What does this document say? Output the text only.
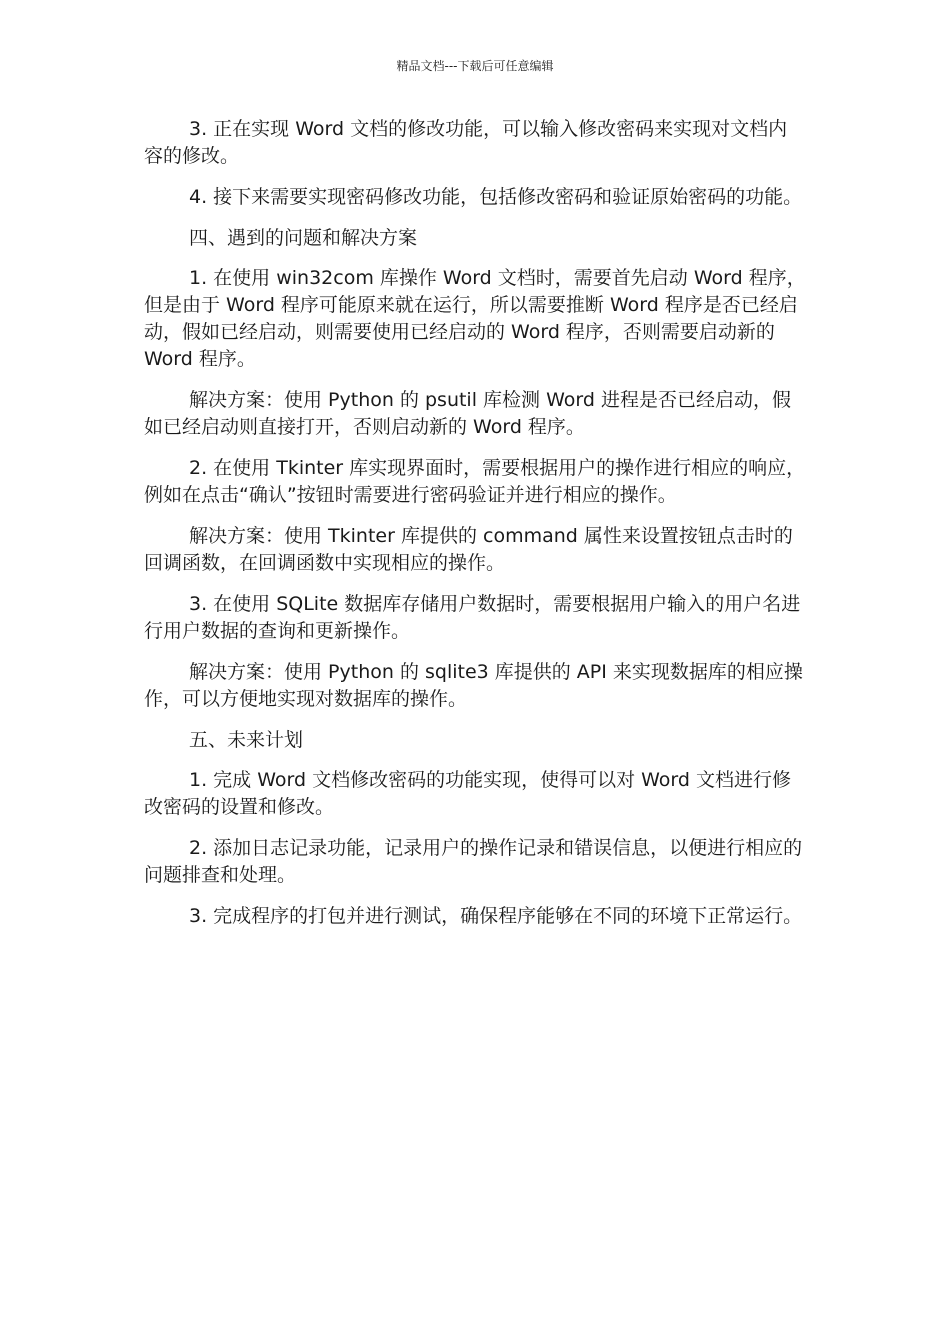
精品文档---下载后可任意编辑

3. 正在实现 Word 文档的修改功能，可以输入修改密码来实现对文档内容的修改。

4. 接下来需要实现密码修改功能，包括修改密码和验证原始密码的功能。

四、遇到的问题和解决方案

1. 在使用 win32com 库操作 Word 文档时，需要首先启动 Word 程序，但是由于 Word 程序可能原来就在运行，所以需要推断 Word 程序是否已经启动，假如已经启动，则需要使用已经启动的 Word 程序，否则需要启动新的 Word 程序。

解决方案：使用 Python 的 psutil 库检测 Word 进程是否已经启动，假如已经启动则直接打开，否则启动新的 Word 程序。

2. 在使用 Tkinter 库实现界面时，需要根据用户的操作进行相应的响应，例如在点击“确认”按钮时需要进行密码验证并进行相应的操作。

解决方案：使用 Tkinter 库提供的 command 属性来设置按钮点击时的回调函数，在回调函数中实现相应的操作。

3. 在使用 SQLite 数据库存储用户数据时，需要根据用户输入的用户名进行用户数据的查询和更新操作。

解决方案：使用 Python 的 sqlite3 库提供的 API 来实现数据库的相应操作，可以方便地实现对数据库的操作。

五、未来计划

1. 完成 Word 文档修改密码的功能实现，使得可以对 Word 文档进行修改密码的设置和修改。

2. 添加日志记录功能，记录用户的操作记录和错误信息，以便进行相应的问题排查和处理。

3. 完成程序的打包并进行测试，确保程序能够在不同的环境下正常运行。
